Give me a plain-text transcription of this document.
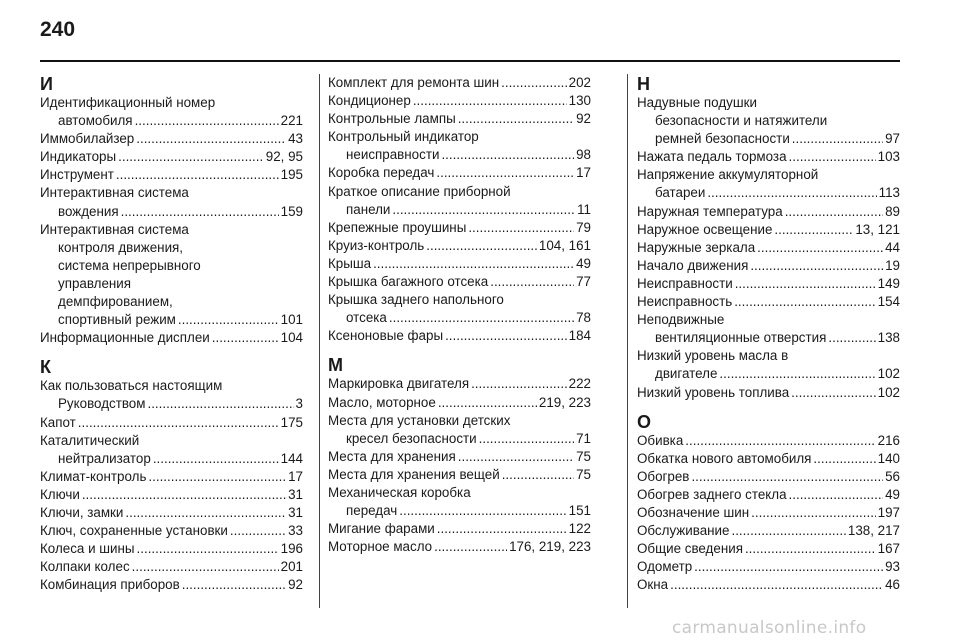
240
И
Идентификационный номер
автомобиля .....	221
Иммобилайзер .....	43
Индикаторы .....	92, 95
Инструмент .....	195
Интерактивная система
вождения .....	159
Интерактивная система
контроля движения,
система непрерывного
управления
демпфированием,
спортивный режим .....	101
Информационные дисплеи .....	104
К
Как пользоваться настоящим
Руководством .....	3
Капот .....	175
Каталитический
нейтрализатор .....	144
Климат-контроль .....	17
Ключи .....	31
Ключи, замки .....	31
Ключ, сохраненные установки .....	33
Колеса и шины .....	196
Колпаки колес .....	201
Комбинация приборов .....	92
Комплект для ремонта шин .....	202
Кондиционер .....	130
Контрольные лампы .....	92
Контрольный индикатор
неисправности .....	98
Коробка передач .....	17
Краткое описание приборной
панели .....	11
Крепежные проушины .....	79
Круиз-контроль .....	104, 161
Крыша .....	49
Крышка багажного отсека .....	77
Крышка заднего напольного
отсека .....	78
Ксеноновые фары .....	184
М
Маркировка двигателя .....	222
Масло, моторное .....	219, 223
Места для установки детских
кресел безопасности .....	71
Места для хранения .....	75
Места для хранения вещей .....	75
Механическая коробка
передач .....	151
Мигание фарами .....	122
Моторное масло .....	176, 219, 223
Н
Надувные подушки
безопасности и натяжители
ремней безопасности .....	97
Нажата педаль тормоза .....	103
Напряжение аккумуляторной
батареи .....	113
Наружная температура .....	89
Наружное освещение .....	13, 121
Наружные зеркала .....	44
Начало движения .....	19
Неисправности .....	149
Неисправность .....	154
Неподвижные
вентиляционные отверстия .....	138
Низкий уровень масла в
двигателе .....	102
Низкий уровень топлива .....	102
О
Обивка .....	216
Обкатка нового автомобиля .....	140
Обогрев .....	56
Обогрев заднего стекла .....	49
Обозначение шин .....	197
Обслуживание .....	138, 217
Общие сведения .....	167
Одометр .....	93
Окна .....	46
carmanualsonline.info
